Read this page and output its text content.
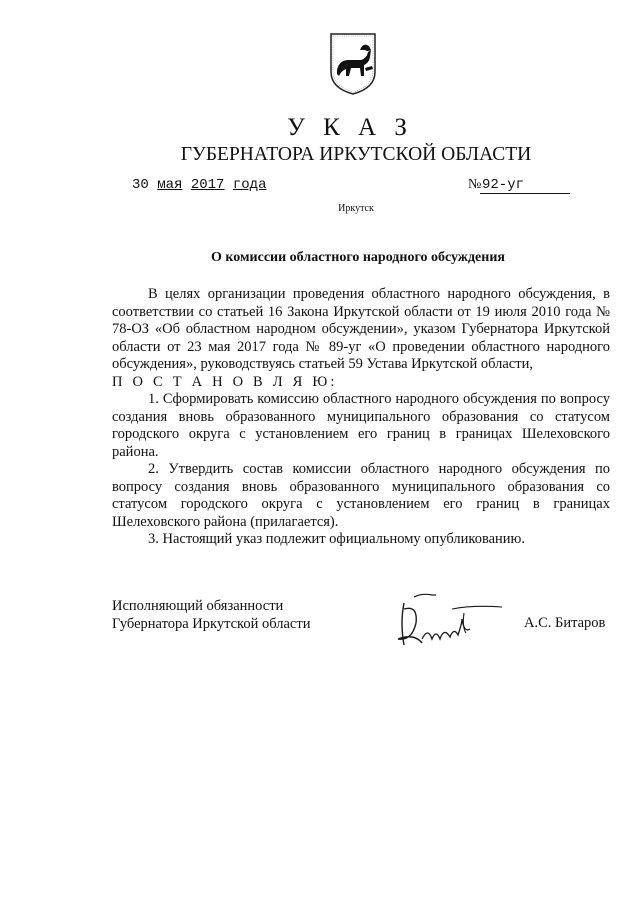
У К А З
ГУБЕРНАТОРА ИРКУТСКОЙ ОБЛАСТИ
30 мая 2017 года	№ 92-уг
Иркутск
О комиссии областного народного обсуждения

В целях организации проведения областного народного обсуждения, в соответствии со статьей 16 Закона Иркутской области от 19 июля 2010 года № 78-ОЗ «Об областном народном обсуждении», указом Губернатора Иркутской области от 23 мая 2017 года № 89-уг «О проведении областного народного обсуждения», руководствуясь статьей 59 Устава Иркутской области,

П О С Т А Н О В Л Я Ю:

1. Сформировать комиссию областного народного обсуждения по вопросу создания вновь образованного муниципального образования со статусом городского округа с установлением его границ в границах Шелеховского района.

2. Утвердить состав комиссии областного народного обсуждения по вопросу создания вновь образованного муниципального образования со статусом городского округа с установлением его границ в границах Шелеховского района (прилагается).

3. Настоящий указ подлежит официальному опубликованию.

Исполняющий обязанности
Губернатора Иркутской области	А.С. Битаров
